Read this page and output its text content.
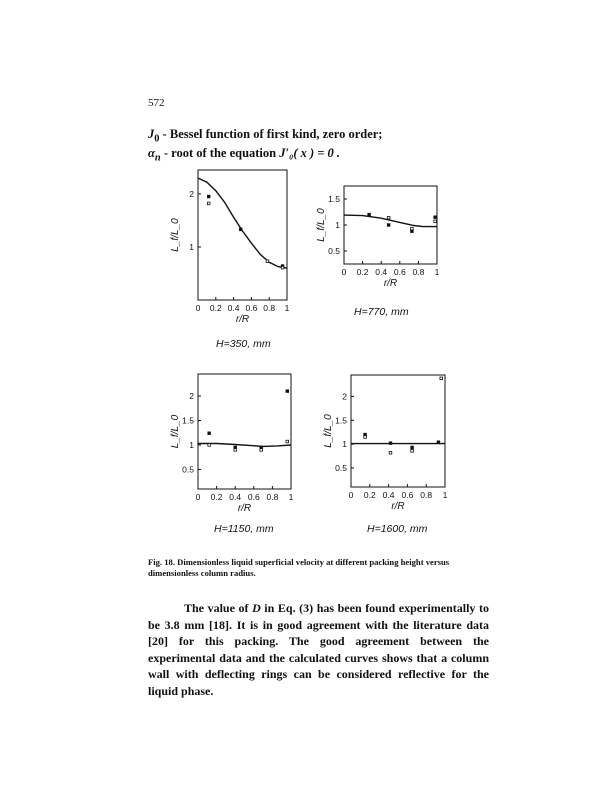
572
$J_0$ - Bessel function of first kind, zero order;
$\alpha_n$ - root of the equation J′₀( x ) = 0 .
0 0.2 0.4 0.6 0.8 1
1
2
r/R
L_f/L_0
H=350, mm
0 0.2 0.4 0.6 0.8 1
0.5
1
1.5
r/R
L_f/L_0
H=770, mm
0 0.2 0.4 0.6 0.8 1
0.5
1
1.5
2
r/R
L_f/L_0
H=1150, mm
0 0.2 0.4 0.6 0.8 1
0.5
1
1.5
2
r/R
L_f/L_0
H=1600, mm
Fig. 18. Dimensionless liquid superficial velocity at different packing height versus dimensionless column radius.

The value of D in Eq. (3) has been found experimentally to be 3.8 mm [18]. It is in good agreement with the literature data [20] for this packing. The good agreement between the experimental data and the calculated curves shows that a column wall with deflecting rings can be considered reflective for the liquid phase.
